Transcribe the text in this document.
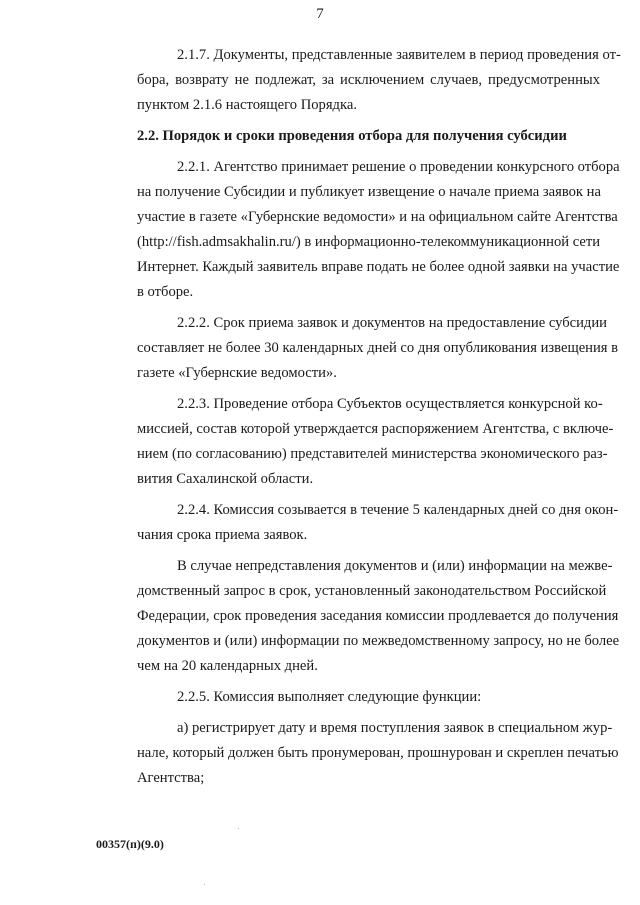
7
2.1.7. Документы, представленные заявителем в период проведения от-
бора, возврату не подлежат, за исключением случаев, предусмотренных
пунктом 2.1.6 настоящего Порядка.
2.2. Порядок и сроки проведения отбора для получения субсидии
2.2.1. Агентство принимает решение о проведении конкурсного отбора
на получение Субсидии и публикует извещение о начале приема заявок на
участие в газете «Губернские ведомости» и на официальном сайте Агентства
(http://fish.admsakhalin.ru/) в информационно-телекоммуникационной сети
Интернет. Каждый заявитель вправе подать не более одной заявки на участие
в отборе.
2.2.2. Срок приема заявок и документов на предоставление субсидии
составляет не более 30 календарных дней со дня опубликования извещения в
газете «Губернские ведомости».
2.2.3. Проведение отбора Субъектов осуществляется конкурсной ко-
миссией, состав которой утверждается распоряжением Агентства, с включе-
нием (по согласованию) представителей министерства экономического раз-
вития Сахалинской области.
2.2.4. Комиссия созывается в течение 5 календарных дней со дня окон-
чания срока приема заявок.
В случае непредставления документов и (или) информации на межве-
домственный запрос в срок, установленный законодательством Российской
Федерации, срок проведения заседания комиссии продлевается до получения
документов и (или) информации по межведомственному запросу, но не более
чем на 20 календарных дней.
2.2.5. Комиссия выполняет следующие функции:
а) регистрирует дату и время поступления заявок в специальном жур-
нале, который должен быть пронумерован, прошнурован и скреплен печатью
Агентства;
00357(п)(9.0)
